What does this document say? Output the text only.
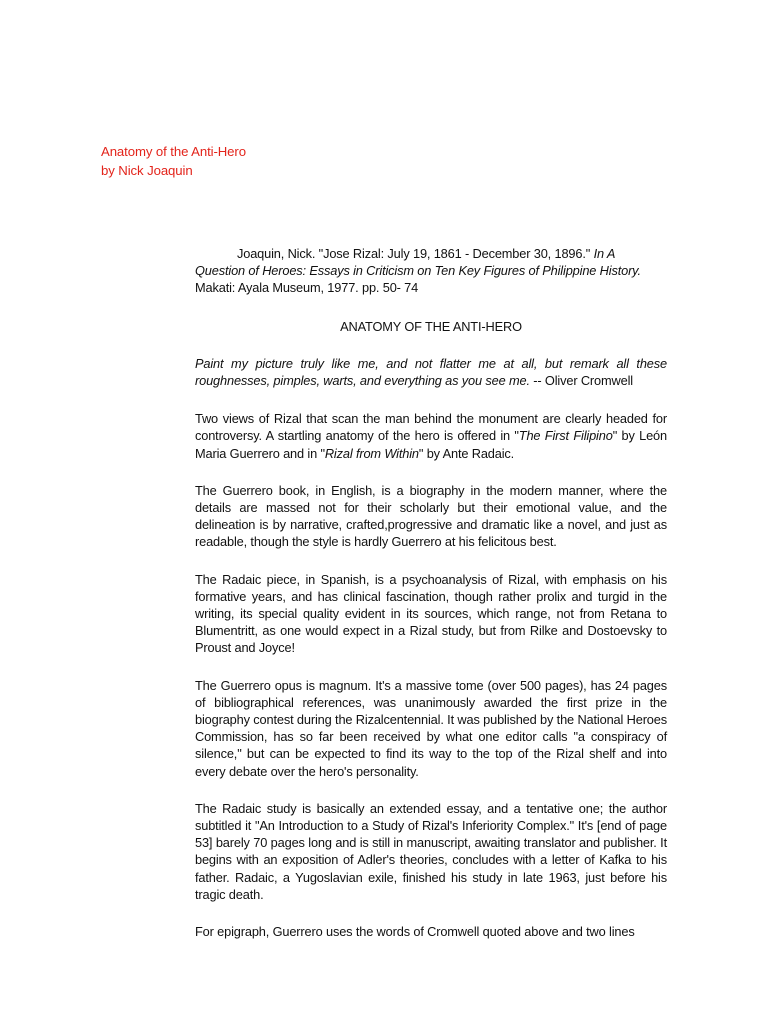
Anatomy of the Anti-Hero
by Nick Joaquin
Joaquin, Nick. "Jose Rizal: July 19, 1861 - December 30, 1896." In A Question of Heroes: Essays in Criticism on Ten Key Figures of Philippine History. Makati: Ayala Museum, 1977. pp. 50- 74
ANATOMY OF THE ANTI-HERO
Paint my picture truly like me, and not flatter me at all, but remark all these roughnesses, pimples, warts, and everything as you see me. -- Oliver Cromwell

Two views of Rizal that scan the man behind the monument are clearly headed for controversy. A startling anatomy of the hero is offered in "The First Filipino" by León Maria Guerrero and in "Rizal from Within" by Ante Radaic.

The Guerrero book, in English, is a biography in the modern manner, where the details are massed not for their scholarly but their emotional value, and the delineation is by narrative, crafted,progressive and dramatic like a novel, and just as readable, though the style is hardly Guerrero at his felicitous best.

The Radaic piece, in Spanish, is a psychoanalysis of Rizal, with emphasis on his formative years, and has clinical fascination, though rather prolix and turgid in the writing, its special quality evident in its sources, which range, not from Retana to Blumentritt, as one would expect in a Rizal study, but from Rilke and Dostoevsky to Proust and Joyce!

The Guerrero opus is magnum. It's a massive tome (over 500 pages), has 24 pages of bibliographical references, was unanimously awarded the first prize in the biography contest during the Rizalcentennial. It was published by the National Heroes Commission, has so far been received by what one editor calls "a conspiracy of silence," but can be expected to find its way to the top of the Rizal shelf and into every debate over the hero's personality.

The Radaic study is basically an extended essay, and a tentative one; the author subtitled it "An Introduction to a Study of Rizal's Inferiority Complex." It's [end of page 53] barely 70 pages long and is still in manuscript, awaiting translator and publisher. It begins with an exposition of Adler's theories, concludes with a letter of Kafka to his father. Radaic, a Yugoslavian exile, finished his study in late 1963, just before his tragic death.

For epigraph, Guerrero uses the words of Cromwell quoted above and two lines
